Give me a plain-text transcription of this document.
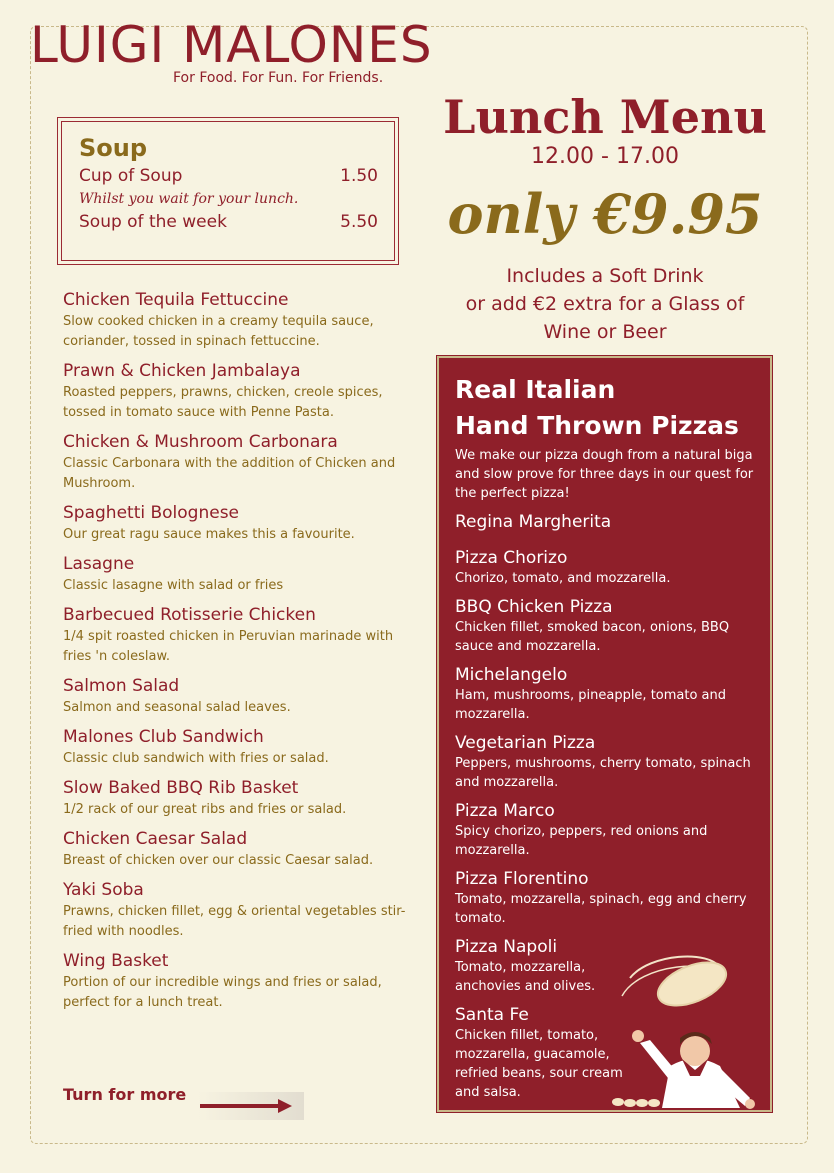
LUIGI MALONES
For Food. For Fun. For Friends.
Soup
Cup of Soup	1.50
Whilst you wait for your lunch.
Soup of the week	5.50
Chicken Tequila Fettuccine
Slow cooked chicken in a creamy tequila sauce, coriander, tossed in spinach fettuccine.
Prawn & Chicken Jambalaya
Roasted peppers, prawns, chicken, creole spices, tossed in tomato sauce with Penne Pasta.
Chicken & Mushroom Carbonara
Classic Carbonara with the addition of Chicken and Mushroom.
Spaghetti Bolognese
Our great ragu sauce makes this a favourite.
Lasagne
Classic lasagne with salad or fries
Barbecued Rotisserie Chicken
1/4 spit roasted chicken in Peruvian marinade with fries 'n coleslaw.
Salmon Salad
Salmon and seasonal salad leaves.
Malones Club Sandwich
Classic club sandwich with fries or salad.
Slow Baked BBQ Rib Basket
1/2 rack of our great ribs and fries or salad.
Chicken Caesar Salad
Breast of chicken over our classic Caesar salad.
Yaki Soba
Prawns, chicken fillet, egg & oriental vegetables stir-fried with noodles.
Wing Basket
Portion of our incredible wings and fries or salad, perfect for a lunch treat.
Turn for more
Lunch Menu
12.00 - 17.00
only €9.95
Includes a Soft Drink
or add €2 extra for a Glass of
Wine or Beer
Real Italian
Hand Thrown Pizzas
We make our pizza dough from a natural biga and slow prove for three days in our quest for the perfect pizza!
Regina Margherita
Pizza Chorizo
Chorizo, tomato, and mozzarella.
BBQ Chicken Pizza
Chicken fillet, smoked bacon, onions, BBQ sauce and mozzarella.
Michelangelo
Ham, mushrooms, pineapple, tomato and mozzarella.
Vegetarian Pizza
Peppers, mushrooms, cherry tomato, spinach and mozzarella.
Pizza Marco
Spicy chorizo, peppers, red onions and mozzarella.
Pizza Florentino
Tomato, mozzarella, spinach, egg and cherry tomato.
Pizza Napoli
Tomato, mozzarella, anchovies and olives.
Santa Fe
Chicken fillet, tomato, mozzarella, guacamole, refried beans, sour cream and salsa.
